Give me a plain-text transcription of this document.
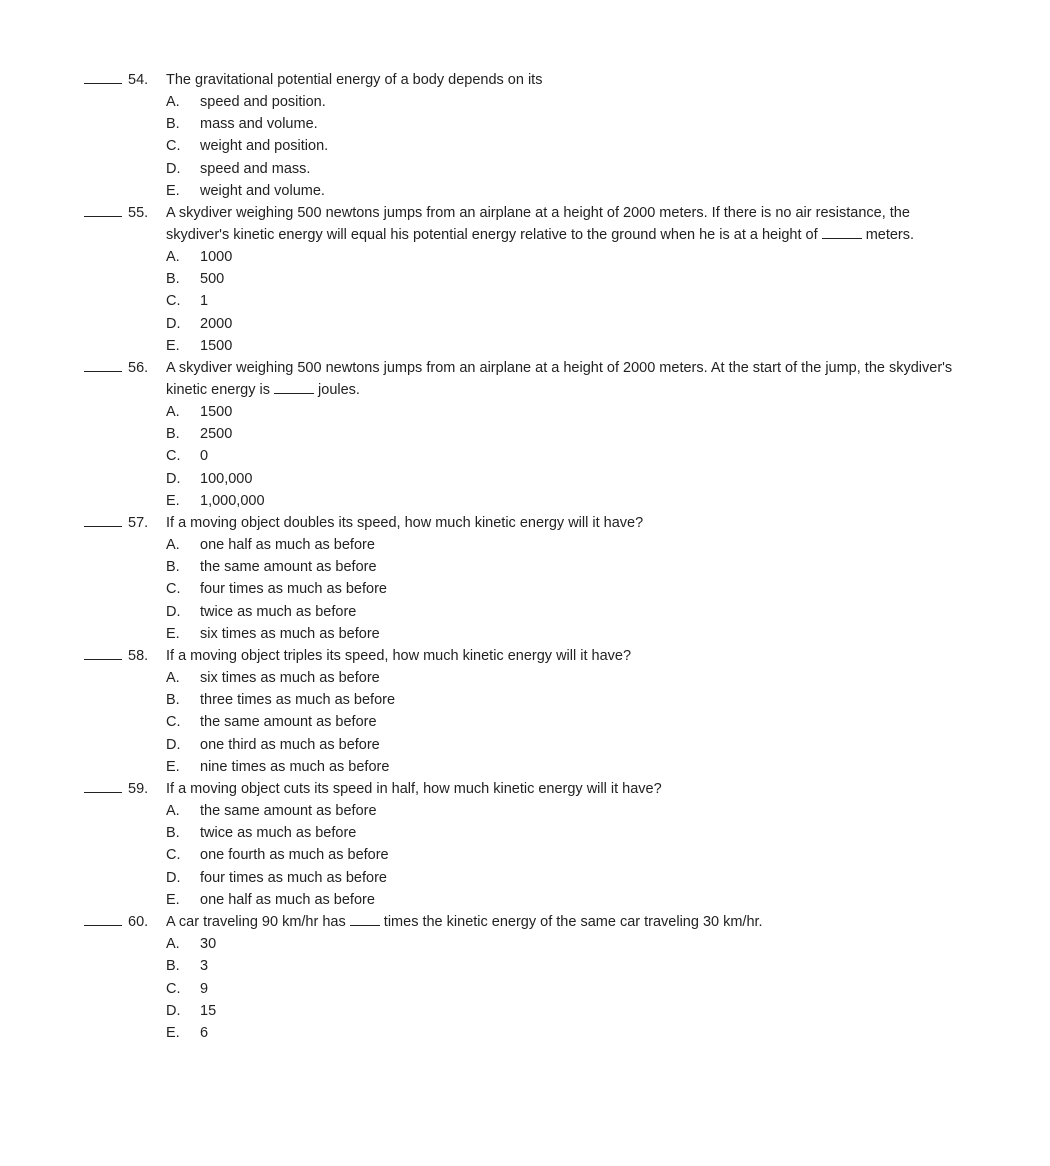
54.	The gravitational potential energy of a body depends on its
A.	speed and position.
B.	mass and volume.
C.	weight and position.
D.	speed and mass.
E.	weight and volume.
55.	A skydiver weighing 500 newtons jumps from an airplane at a height of 2000 meters. If there is no air resistance, the skydiver's kinetic energy will equal his potential energy relative to the ground when he is at a height of	meters.
A.	1000
B.	500
C.	1
D.	2000
E.	1500
56.	A skydiver weighing 500 newtons jumps from an airplane at a height of 2000 meters. At the start of the jump, the skydiver's kinetic energy is	joules.
A.	1500
B.	2500
C.	0
D.	100,000
E.	1,000,000
57.	If a moving object doubles its speed, how much kinetic energy will it have?
A.	one half as much as before
B.	the same amount as before
C.	four times as much as before
D.	twice as much as before
E.	six times as much as before
58.	If a moving object triples its speed, how much kinetic energy will it have?
A.	six times as much as before
B.	three times as much as before
C.	the same amount as before
D.	one third as much as before
E.	nine times as much as before
59.	If a moving object cuts its speed in half, how much kinetic energy will it have?
A.	the same amount as before
B.	twice as much as before
C.	one fourth as much as before
D.	four times as much as before
E.	one half as much as before
60.	A car traveling 90 km/hr has	times the kinetic energy of the same car traveling 30 km/hr.
A.	30
B.	3
C.	9
D.	15
E.	6
